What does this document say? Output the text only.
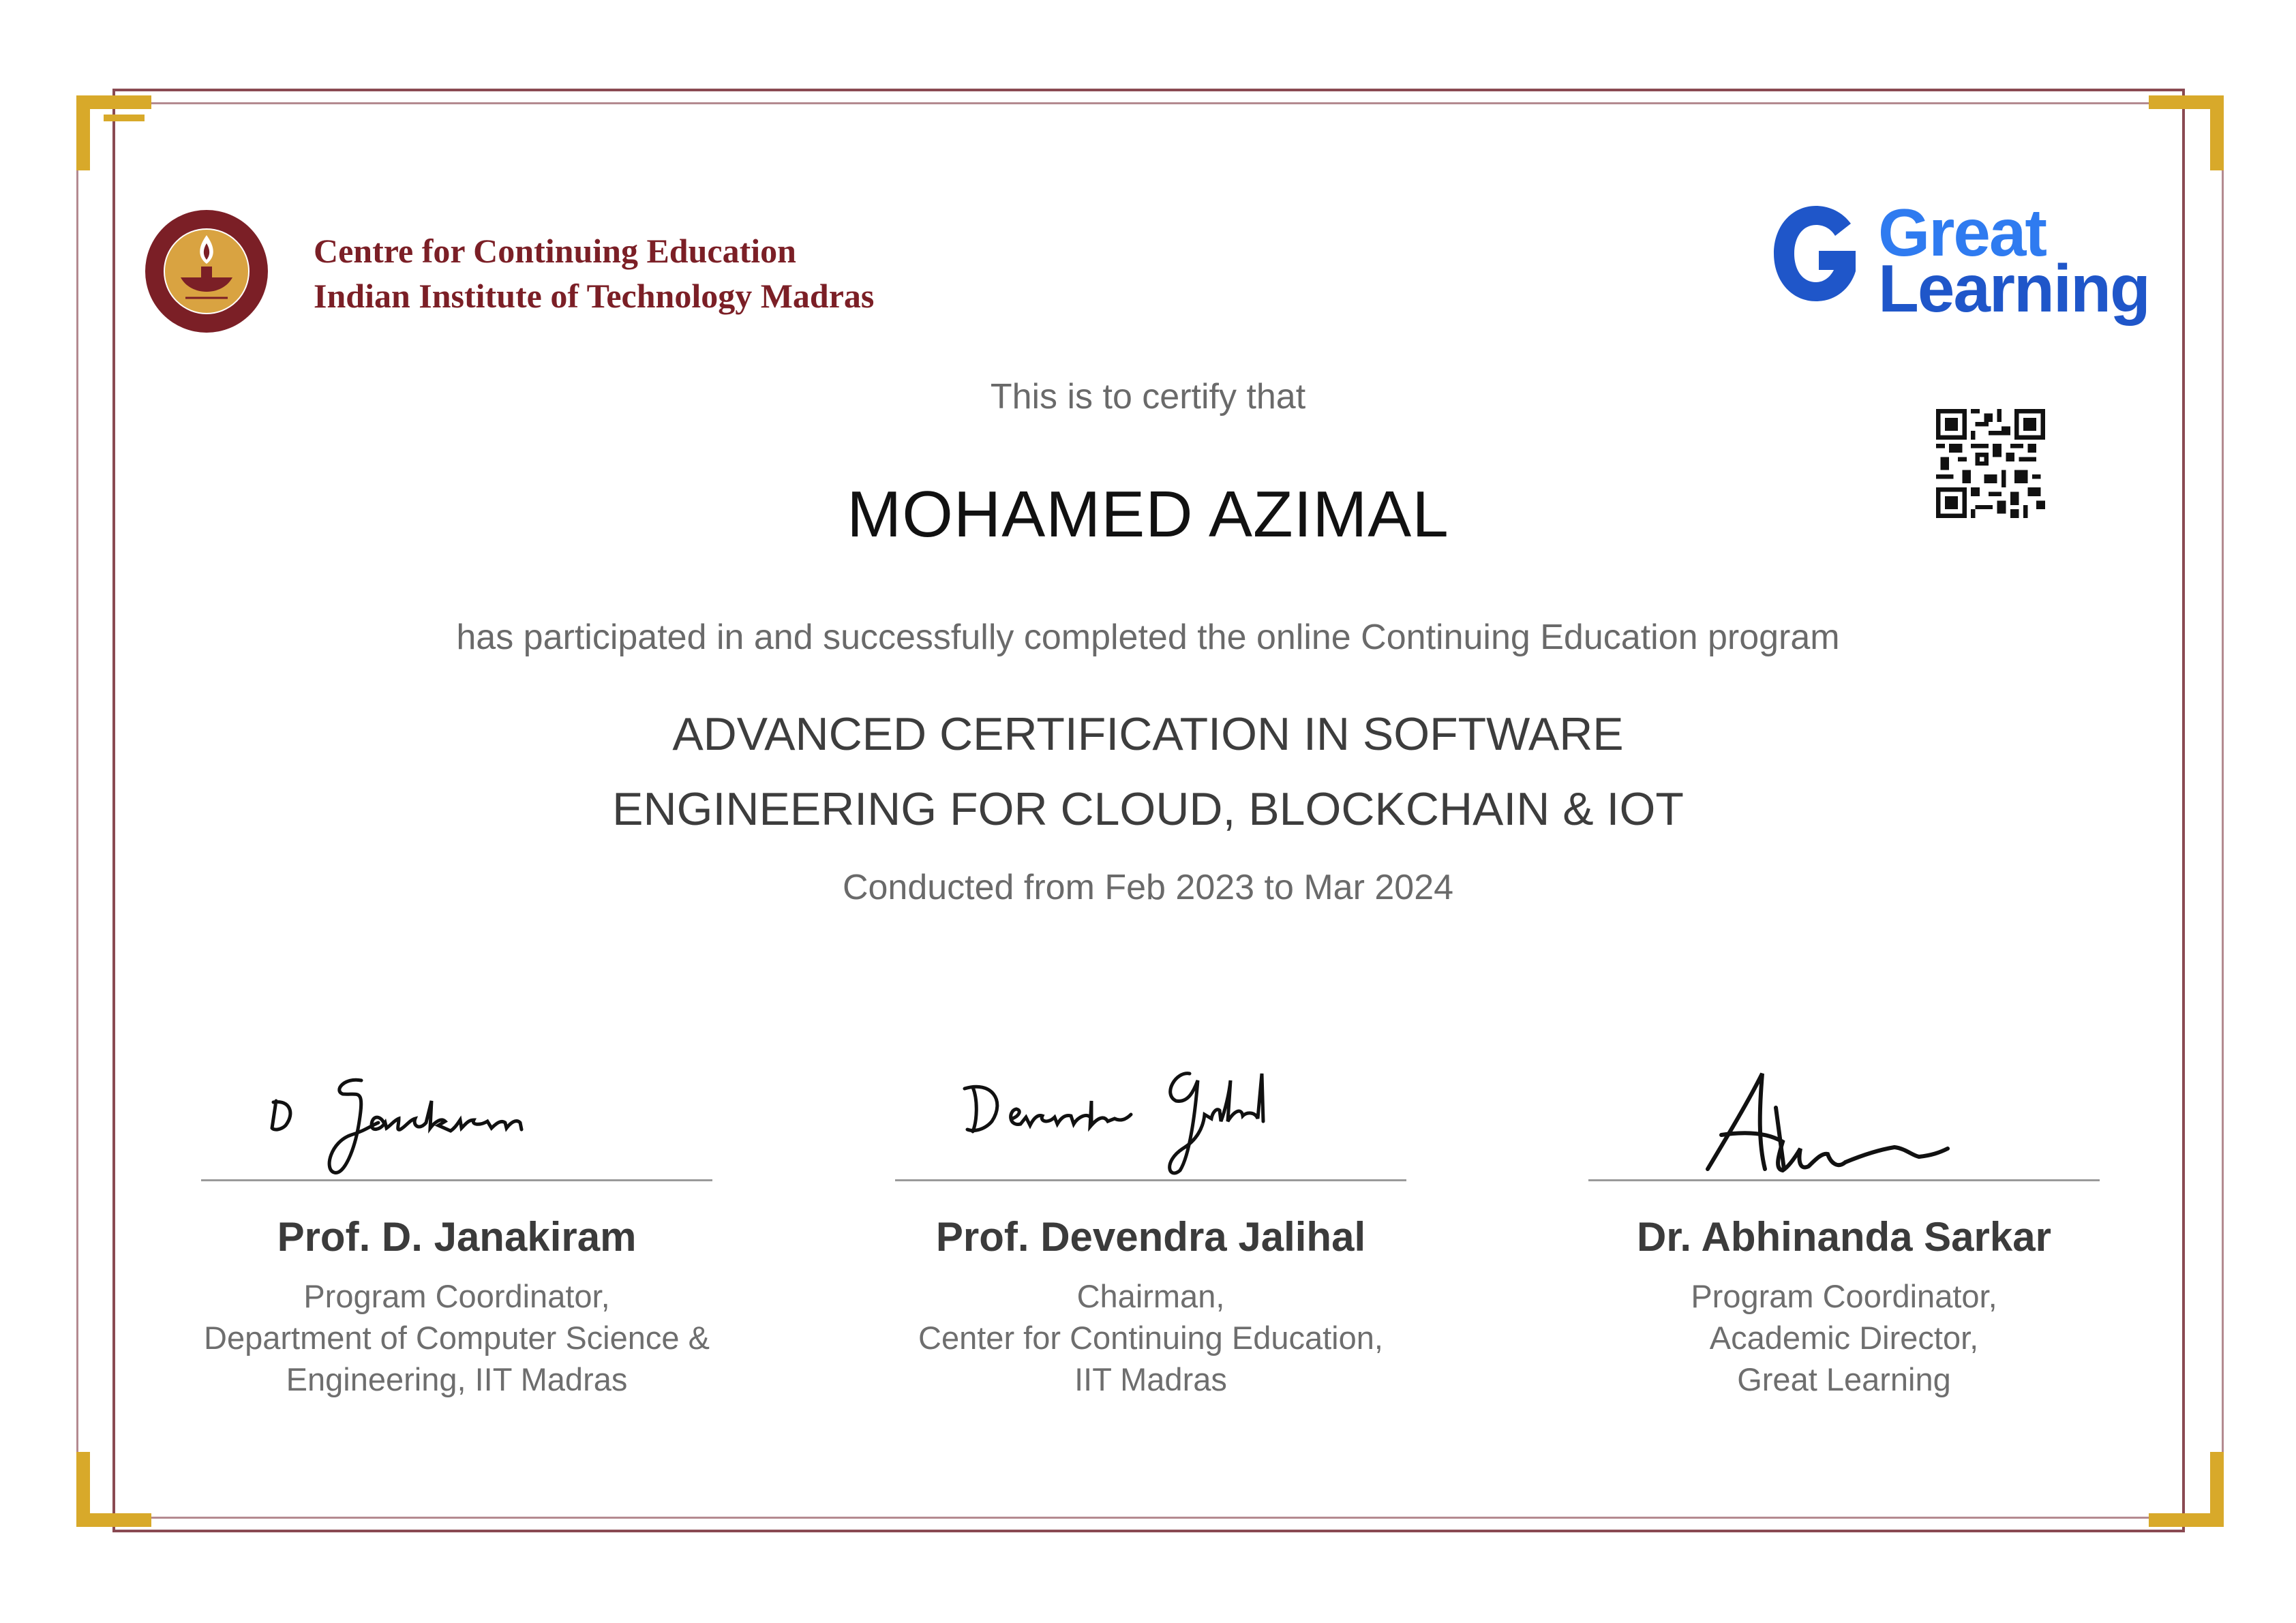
Centre for Continuing Education
Indian Institute of Technology Madras
Great
Learning
This is to certify that
MOHAMED AZIMAL
has participated in and successfully completed the online Continuing Education program
ADVANCED CERTIFICATION IN SOFTWARE
ENGINEERING FOR CLOUD, BLOCKCHAIN & IOT
Conducted from Feb 2023 to Mar 2024
Prof. D. Janakiram
Program Coordinator,
Department of Computer Science &
Engineering, IIT Madras
Prof. Devendra Jalihal
Chairman,
Center for Continuing Education,
IIT Madras
Dr. Abhinanda Sarkar
Program Coordinator,
Academic Director,
Great Learning
